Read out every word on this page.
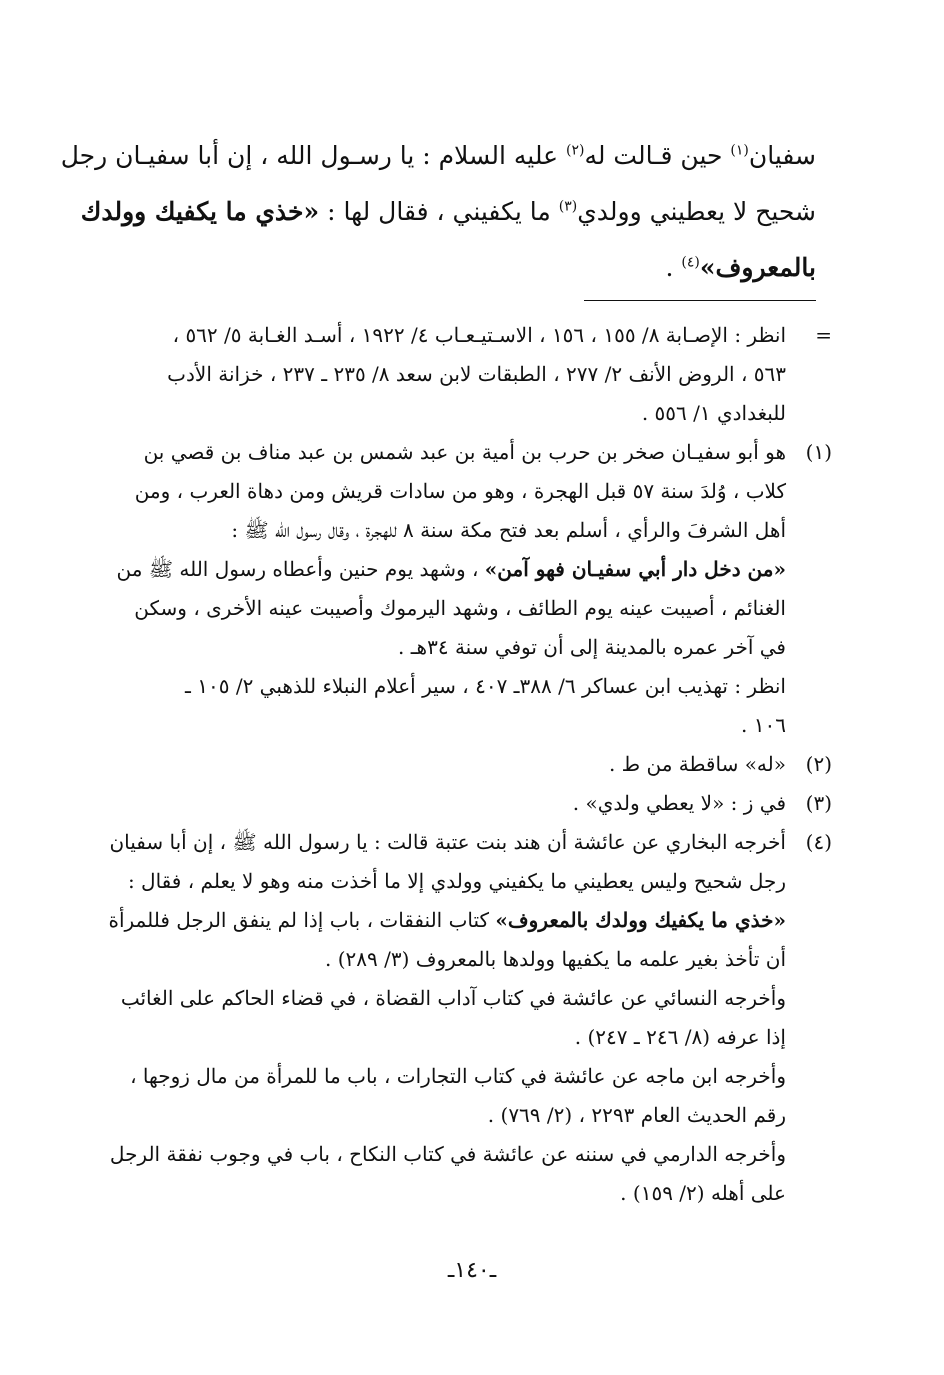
سفيان$^{(١)}$ حين قـالت له$^{(٢)}$ عليه السلام : يا رسـول الله ، إن أبا سفيـان رجل
شحيح لا يعطيني وولدي$^{(٣)}$ ما يكفيني ، فقال لها : «خذي ما يكفيك وولدك
بالمعروف»$^{(٤)}$ .
=
انظر : الإصـابة ٨/ ١٥٥ ، ١٥٦ ، الاسـتيـعـاب ٤/ ١٩٢٢ ، أسـد الغـابة ٥/ ٥٦٢ ،
٥٦٣ ، الروض الأنف ٢/ ٢٧٧ ، الطبقات لابن سعد ٨/ ٢٣٥ ـ ٢٣٧ ، خزانة الأدب
للبغدادي ١/ ٥٥٦ .
(١)
هو أبو سفيـان صخر بن حرب بن أمية بن عبد شمس بن عبد مناف بن قصي بن
كلاب ، وُلدَ سنة ٥٧ قبل الهجرة ، وهو من سادات قريش ومن دهاة العرب ، ومن
أهل الشرفَ والرأي ، أسلم بعد فتح مكة سنة ٨ للهجرة ، وقال رسول الله ﷺ :
«من دخل دار أبي سفيـان فهو آمن» ، وشهد يوم حنين وأعطاه رسول الله ﷺ من
الغنائم ، أصيبت عينه يوم الطائف ، وشهد اليرموك وأصيبت عينه الأخرى ، وسكن
في آخر عمره بالمدينة إلى أن توفي سنة ٣٤هـ .
انظر : تهذيب ابن عساكر ٦/ ٣٨٨ـ ٤٠٧ ، سير أعلام النبلاء للذهبي ٢/ ١٠٥ ـ
١٠٦ .
(٢)
«له» ساقطة من ط .
(٣)
في ز : «لا يعطي ولدي» .
(٤)
أخرجه البخاري عن عائشة أن هند بنت عتبة قالت : يا رسول الله ﷺ ، إن أبا سفيان
رجل شحيح وليس يعطيني ما يكفيني وولدي إلا ما أخذت منه وهو لا يعلم ، فقال :
«خذي ما يكفيك وولدك بالمعروف» كتاب النفقات ، باب إذا لم ينفق الرجل فللمرأة
أن تأخذ بغير علمه ما يكفيها وولدها بالمعروف (٣/ ٢٨٩) .
وأخرجه النسائي عن عائشة في كتاب آداب القضاة ، في قضاء الحاكم على الغائب
إذا عرفه (٨/ ٢٤٦ ـ ٢٤٧) .
وأخرجه ابن ماجه عن عائشة في كتاب التجارات ، باب ما للمرأة من مال زوجها ،
رقم الحديث العام ٢٢٩٣ ، (٢/ ٧٦٩) .
وأخرجه الدارمي في سننه عن عائشة في كتاب النكاح ، باب في وجوب نفقة الرجل
على أهله (٢/ ١٥٩) .
ـ١٤٠ـ
